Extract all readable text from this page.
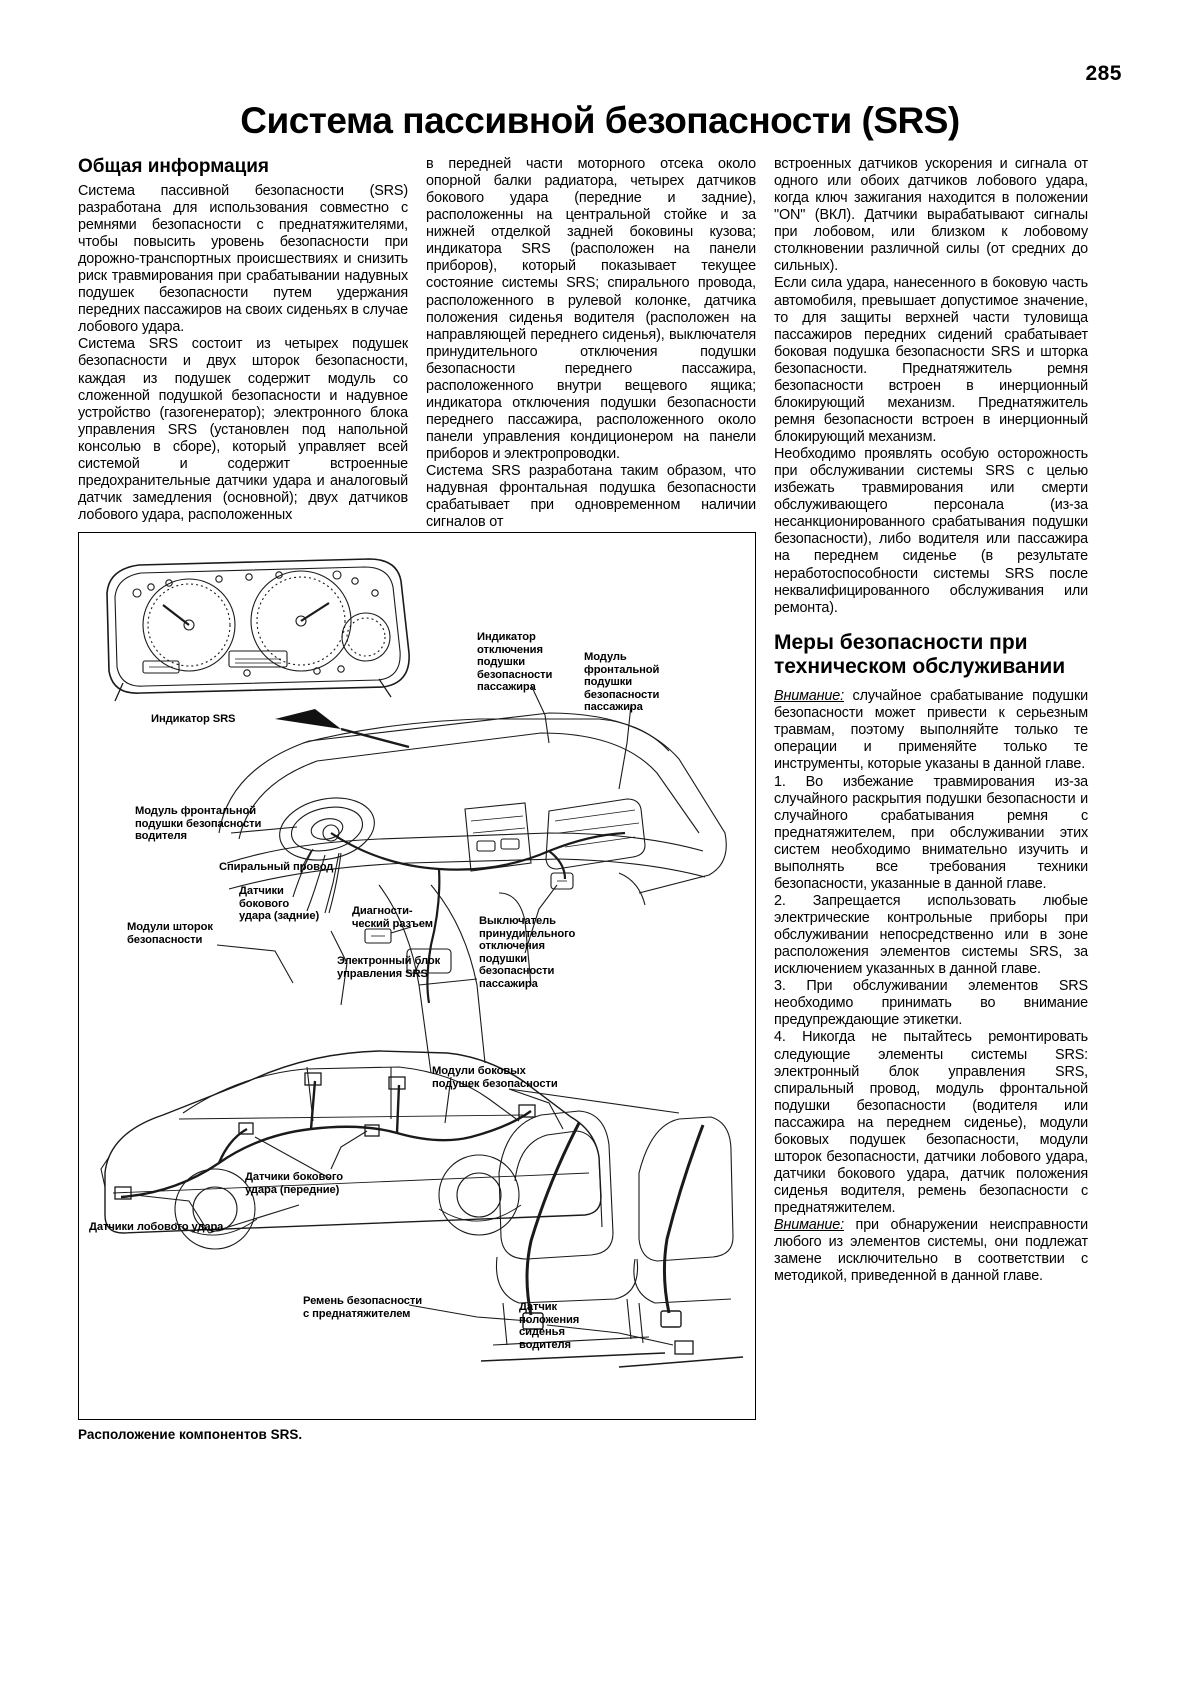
285
Система пассивной безопасности (SRS)
Общая информация

Система пассивной безопасности (SRS) разработана для использования совместно с ремнями безопасности с преднатяжителями, чтобы повысить уровень безопасности при дорожно-транспортных происшествиях и снизить риск травмирования при срабатывании надувных подушек безопасности путем удержания передних пассажиров на своих сиденьях в случае лобового удара.

Система SRS состоит из четырех подушек безопасности и двух шторок безопасности, каждая из подушек содержит модуль со сложенной подушкой безопасности и надувное устройство (газогенератор); электронного блока управления SRS (установлен под напольной консолью в сборе), который управляет всей системой и содержит встроенные предохранительные датчики удара и аналоговый датчик замедления (основной); двух датчиков лобового удара, расположенных

Индикатор SRS
Индикатор
отключения
подушки
безопасности
пассажира
Модуль
фронтальной
подушки
безопасности
пассажира
Модуль фронтальной
подушки безопасности
водителя
Спиральный провод
Датчики
бокового
удара (задние)	Диагности-
ческий разъем
Модули шторок
безопасности
Электронный блок
управления SRS
Выключатель
принудительного
отключения
подушки
безопасности
пассажира
Модули боковых
подушек безопасности
Датчики бокового
удара (передние)
Датчики лобового удара
Ремень безопасности
с преднатяжителем
Датчик
положения
сиденья
водителя
Расположение компонентов SRS.

в передней части моторного отсека около опорной балки радиатора, четырех датчиков бокового удара (передние и задние), расположенны на центральной стойке и за нижней отделкой задней боковины кузова; индикатора SRS (расположен на панели приборов), который показывает текущее состояние системы SRS; спирального провода, расположенного в рулевой колонке, датчика положения сиденья водителя (расположен на направляющей переднего сиденья), выключателя принудительного отключения подушки безопасности переднего пассажира, расположенного внутри вещевого ящика; индикатора отключения подушки безопасности переднего пассажира, расположенного около панели управления кондиционером на панели приборов и электропроводки.

Система SRS разработана таким образом, что надувная фронтальная подушка безопасности срабатывает при одновременном наличии сигналов от

встроенных датчиков ускорения и сигнала от одного или обоих датчиков лобового удара, когда ключ зажигания находится в положении "ON" (ВКЛ). Датчики вырабатывают сигналы при лобовом, или близком к лобовому столкновении различной силы (от средних до сильных).

Если сила удара, нанесенного в боковую часть автомобиля, превышает допустимое значение, то для защиты верхней части туловища пассажиров передних сидений срабатывает боковая подушка безопасности SRS и шторка безопасности. Преднатяжитель ремня безопасности встроен в инерционный блокирующий механизм. Преднатяжитель ремня безопасности встроен в инерционный блокирующий механизм.

Необходимо проявлять особую осторожность при обслуживании системы SRS с целью избежать травмирования или смерти обслуживающего персонала (из-за несанкционированного срабатывания подушки безопасности), либо водителя или пассажира на переднем сиденье (в результате неработоспособности системы SRS после неквалифицированного обслуживания или ремонта).

Меры безопасности при техническом обслуживании

Внимание: случайное срабатывание подушки безопасности может привести к серьезным травмам, поэтому выполняйте только те операции и применяйте только те инструменты, которые указаны в данной главе.

1. Во избежание травмирования из-за случайного раскрытия подушки безопасности и случайного срабатывания ремня с преднатяжителем, при обслуживании этих систем необходимо внимательно изучить и выполнять все требования техники безопасности, указанные в данной главе.

2. Запрещается использовать любые электрические контрольные приборы при обслуживании непосредственно или в зоне расположения элементов системы SRS, за исключением указанных в данной главе.

3. При обслуживании элементов SRS необходимо принимать во внимание предупреждающие этикетки.

4. Никогда не пытайтесь ремонтировать следующие элементы системы SRS: электронный блок управления SRS, спиральный провод, модуль фронтальной подушки безопасности (водителя или пассажира на переднем сиденье), модули боковых подушек безопасности, модули шторок безопасности, датчики лобового удара, датчики бокового удара, датчик положения сиденья водителя, ремень безопасности с преднатяжителем.

Внимание: при обнаружении неисправности любого из элементов системы, они подлежат замене исключительно в соответствии с методикой, приведенной в данной главе.
